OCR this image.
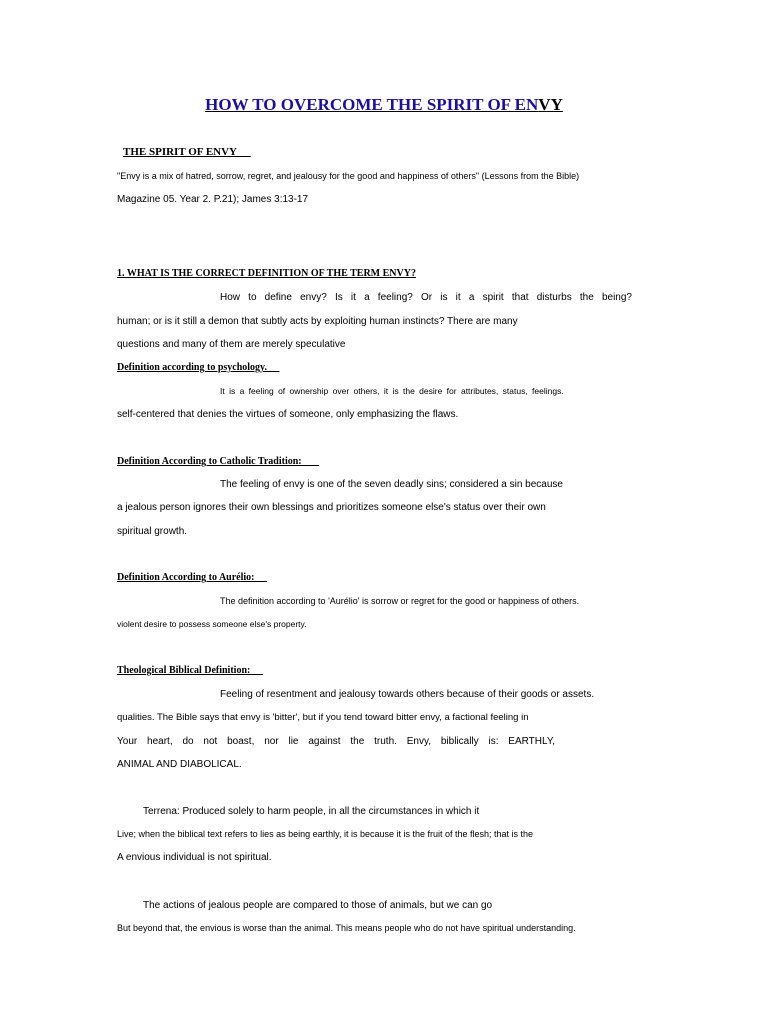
HOW TO OVERCOME THE SPIRIT OF ENVY
THE SPIRIT OF ENVY
"Envy is a mix of hatred, sorrow, regret, and jealousy for the good and happiness of others" (Lessons from the Bible)
Magazine 05. Year 2. P.21); James 3:13-17
1. WHAT IS THE CORRECT DEFINITION OF THE TERM ENVY?
How to define envy? Is it a feeling? Or is it a spirit that disturbs the being?
human; or is it still a demon that subtly acts by exploiting human instincts? There are many
questions and many of them are merely speculative
Definition according to psychology.
It is a feeling of ownership over others, it is the desire for attributes, status, feelings.
self-centered that denies the virtues of someone, only emphasizing the flaws.
Definition According to Catholic Tradition:
The feeling of envy is one of the seven deadly sins; considered a sin because
a jealous person ignores their own blessings and prioritizes someone else's status over their own
spiritual growth.
Definition According to Aurélio:
The definition according to 'Aurélio' is sorrow or regret for the good or happiness of others.
violent desire to possess someone else's property.
Theological Biblical Definition:
Feeling of resentment and jealousy towards others because of their goods or assets.
qualities. The Bible says that envy is 'bitter', but if you tend toward bitter envy, a factional feeling in
Your heart, do not boast, nor lie against the truth. Envy, biblically is: EARTHLY,
ANIMAL AND DIABOLICAL.
Terrena: Produced solely to harm people, in all the circumstances in which it
Live; when the biblical text refers to lies as being earthly, it is because it is the fruit of the flesh; that is the
A envious individual is not spiritual.
The actions of jealous people are compared to those of animals, but we can go
But beyond that, the envious is worse than the animal. This means people who do not have spiritual understanding.
